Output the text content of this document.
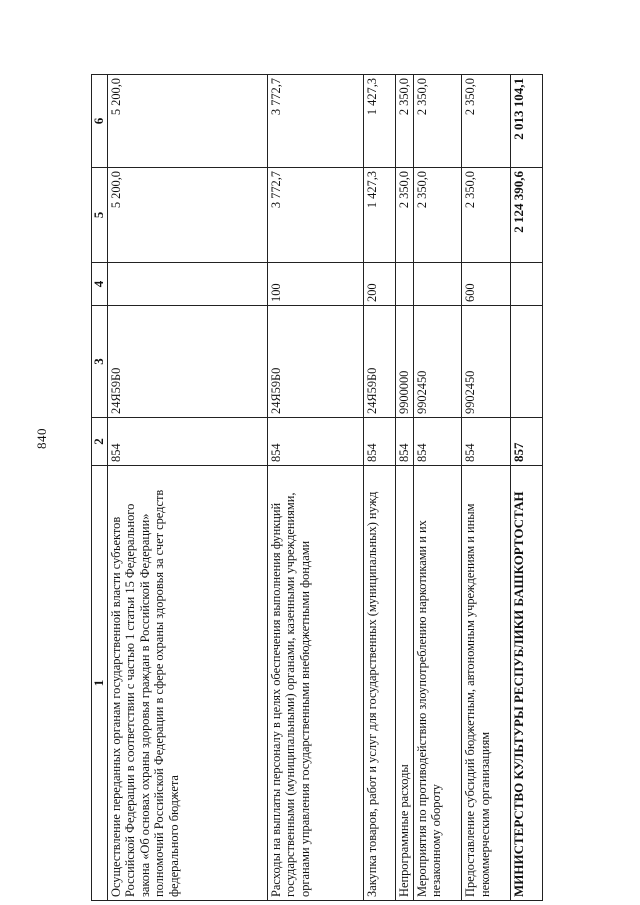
840
1	2	3	4	5	6
Осуществление переданных органам государственной власти субъектов Российской Федерации в соответствии с частью 1 статьи 15 Федерального закона «Об основах охраны здоровья граждан в Российской Федерации» полномочий Российской Федерации в сфере охраны здоровья за счет средств федерального бюджета	854	24Я59Б0		5 200,0	5 200,0
Расходы на выплаты персоналу в целях обеспечения выполнения функций государственными (муниципальными) органами, казенными учреждениями, органами управления государственными внебюджетными фондами	854	24Я59Б0	100	3 772,7	3 772,7
Закупка товаров, работ и услуг для государственных (муниципальных) нужд	854	24Я59Б0	200	1 427,3	1 427,3
Непрограммные расходы	854	9900000		2 350,0	2 350,0
Мероприятия по противодействию злоупотреблению наркотиками и их незаконному обороту	854	9902450		2 350,0	2 350,0
Предоставление субсидий бюджетным, автономным учреждениям и иным некоммерческим организациям	854	9902450	600	2 350,0	2 350,0
МИНИСТЕРСТВО КУЛЬТУРЫ РЕСПУБЛИКИ БАШКОРТОСТАН	857			2 124 390,6	2 013 104,1
